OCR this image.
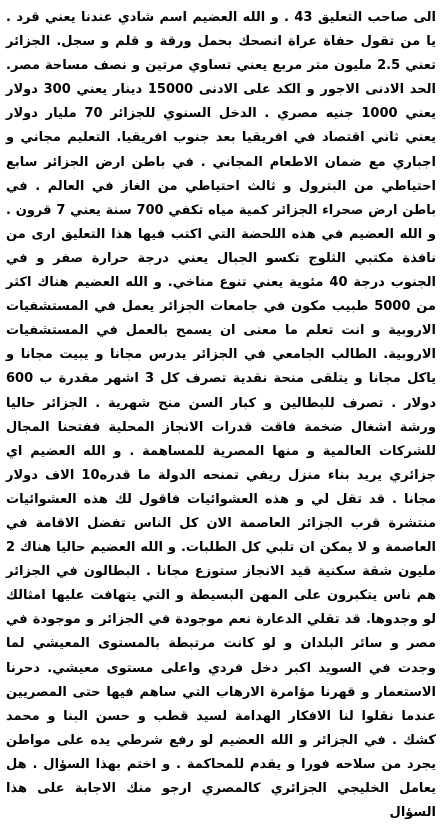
الى صاحب التعليق 43 . و الله العضيم اسم شادي عندنا يعني قرد . يا من تقول حفاة عراة انصحك بحمل ورقة و قلم و سجل. الجزائر تعني 2.5 مليون متر مربع يعني تساوي مرتين و نصف مساحة مصر. الحد الادنى الاجور و الكد على الادنى 15000 دينار يعني 300 دولار يعني 1000 جنيه مصري . الدخل السنوي للجزائر 70 مليار دولار يعني ثاني اقتصاد في افريقيا بعد جنوب افريقيا. التعليم مجاني و اجباري مع ضمان الاطعام المجاني . في باطن ارض الجزائر سابع احتياطي من البترول و ثالث احتياطي من الغاز في العالم . في باطن ارض صحراء الجزائر كمية مياه تكفي 700 سنة يعني 7 قرون . و الله العضيم في هذه اللحضة التي اكتب فيها هذا التعليق ارى من نافذة مكتبي الثلوج تكسو الجبال يعني درجة حرارة صفر و في الجنوب درجة 40 مئوية يعني تنوع مناخي. و الله العضيم هناك اكثر من 5000 طبيب مكون في جامعات الجزائر يعمل في المستشفيات الاروبية و انت تعلم ما معنى ان يسمح بالعمل في المستشفيات الاروبية. الطالب الجامعي في الجزائر يدرس مجانا و يبيت مجانا و ياكل مجانا و يتلقى منحة نقدية تصرف كل 3 اشهر مقدرة ب 600 دولار . تصرف للبطالين و كبار السن منح شهرية . الجزائر حاليا ورشة اشغال ضخمة فاقت قدرات الانجاز المحلية ففتحنا المجال للشركات العالمية و منها المصرية للمساهمة . و الله العضيم اي جزائري يريد بناء منزل ريفي تمنحه الدولة ما قدره10 الاف دولار مجانا . قد تقل لي و هذه العشوائيات فاقول لك هذه العشوائيات منتشرة قرب الجزائر العاصمة الان كل الناس تفضل الاقامة في العاصمة و لا يمكن ان تلبي كل الطلبات. و الله العضيم حاليا هناك 2 مليون شقة سكنية قيد الانجاز ستوزع مجانا . البطالون في الجزائر هم ناس يتكبرون على المهن البسيطة و التي يتهافت عليها امثالك لو وجدوها. قد تقلي الدعارة نعم موجودة في الجزائر و موجودة في مصر و سائر البلدان و لو كانت مرتبطة بالمستوى المعيشي لما وجدت في السويد اكبر دخل فردي واعلى مستوى معيشي. دحرنا الاستعمار و قهرنا مؤامرة الارهاب التي ساهم فيها حتى المصريين عندما نقلوا لنا الافكار الهدامة لسيد قطب و حسن البنا و محمد كشك . في الجزائر و الله العضيم لو رفع شرطي يده على مواطن يجرد من سلاحه فورا و يقدم للمحاكمة . و اختم بهذا السؤال . هل يعامل الخليجي الجزائري كالمصري ارجو منك الاجابة على هذا السؤال
